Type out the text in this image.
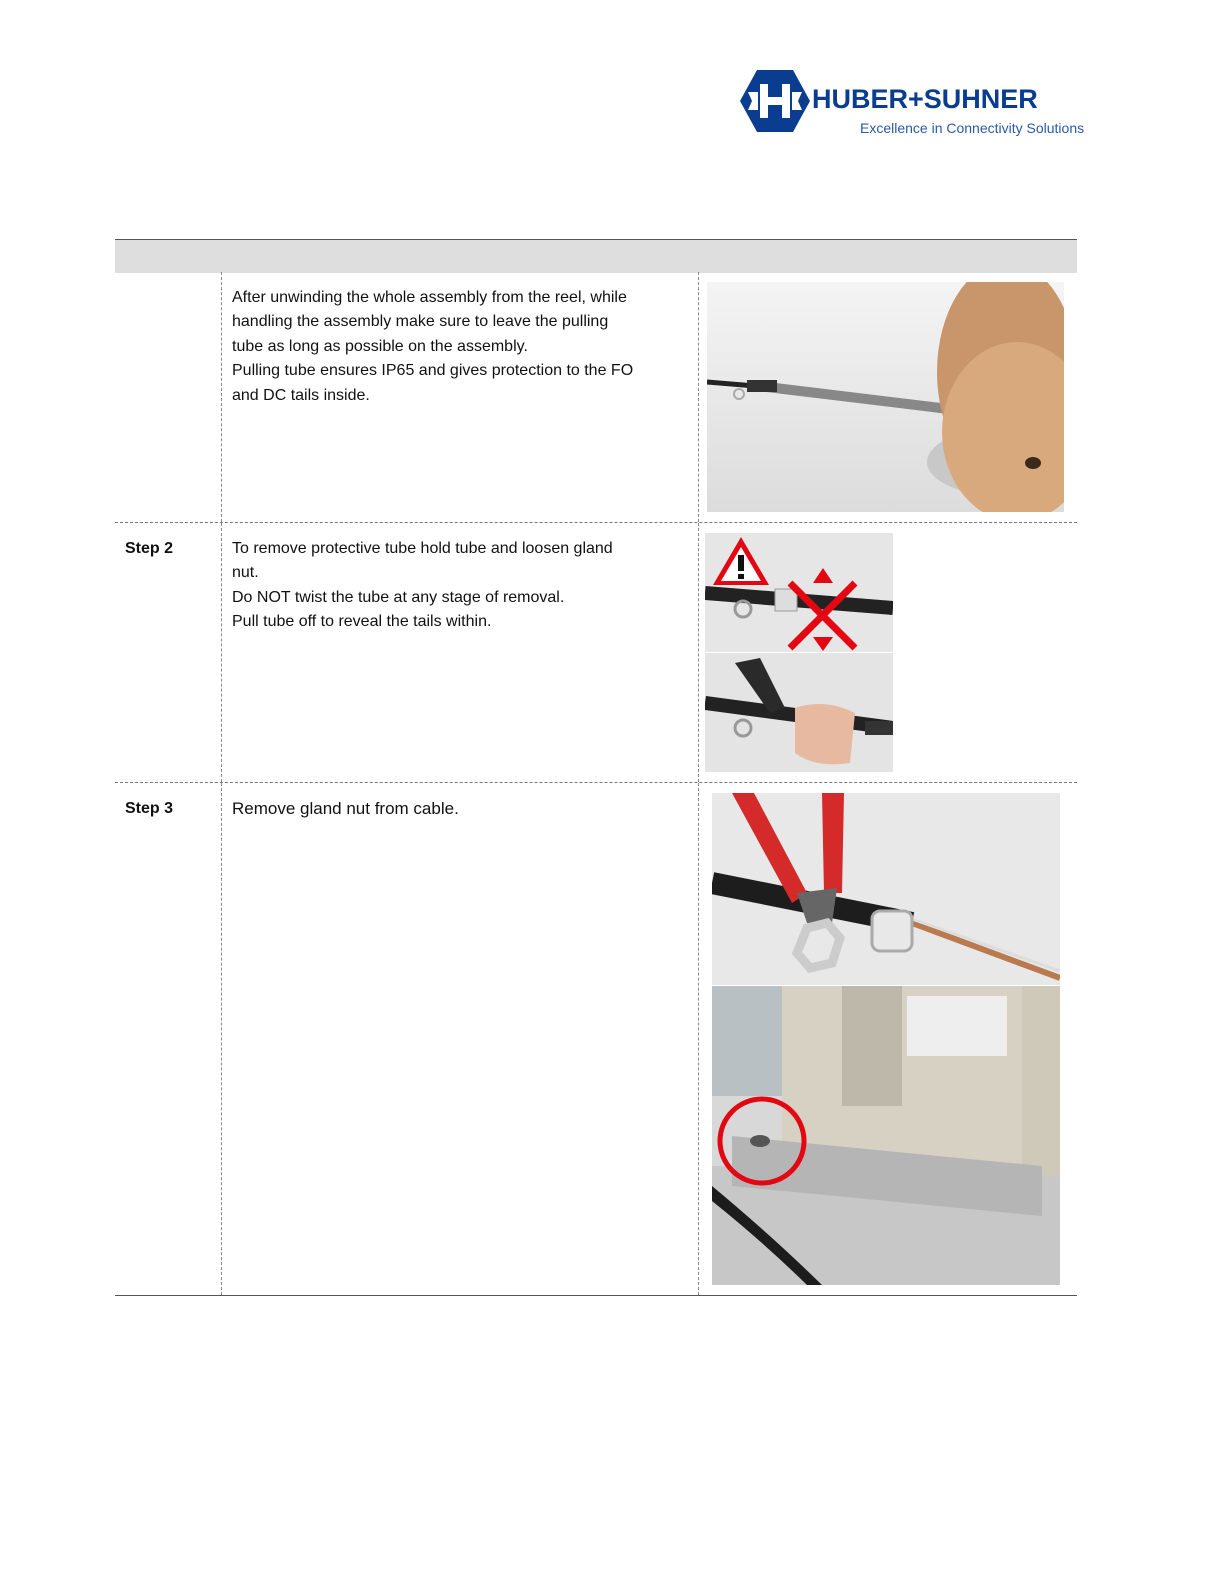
HUBER+SUHNER
Excellence in Connectivity Solutions

After unwinding the whole assembly from the reel, while

handling the assembly make sure to leave the pulling

tube as long as possible on the assembly.

Pulling tube ensures IP65 and gives protection to the FO

and DC tails inside.

Step 2	To remove protective tube hold tube and loosen gland

nut.

Do NOT twist the tube at any stage of removal.

Pull tube off to reveal the tails within.

Step 3	Remove gland nut from cable.
